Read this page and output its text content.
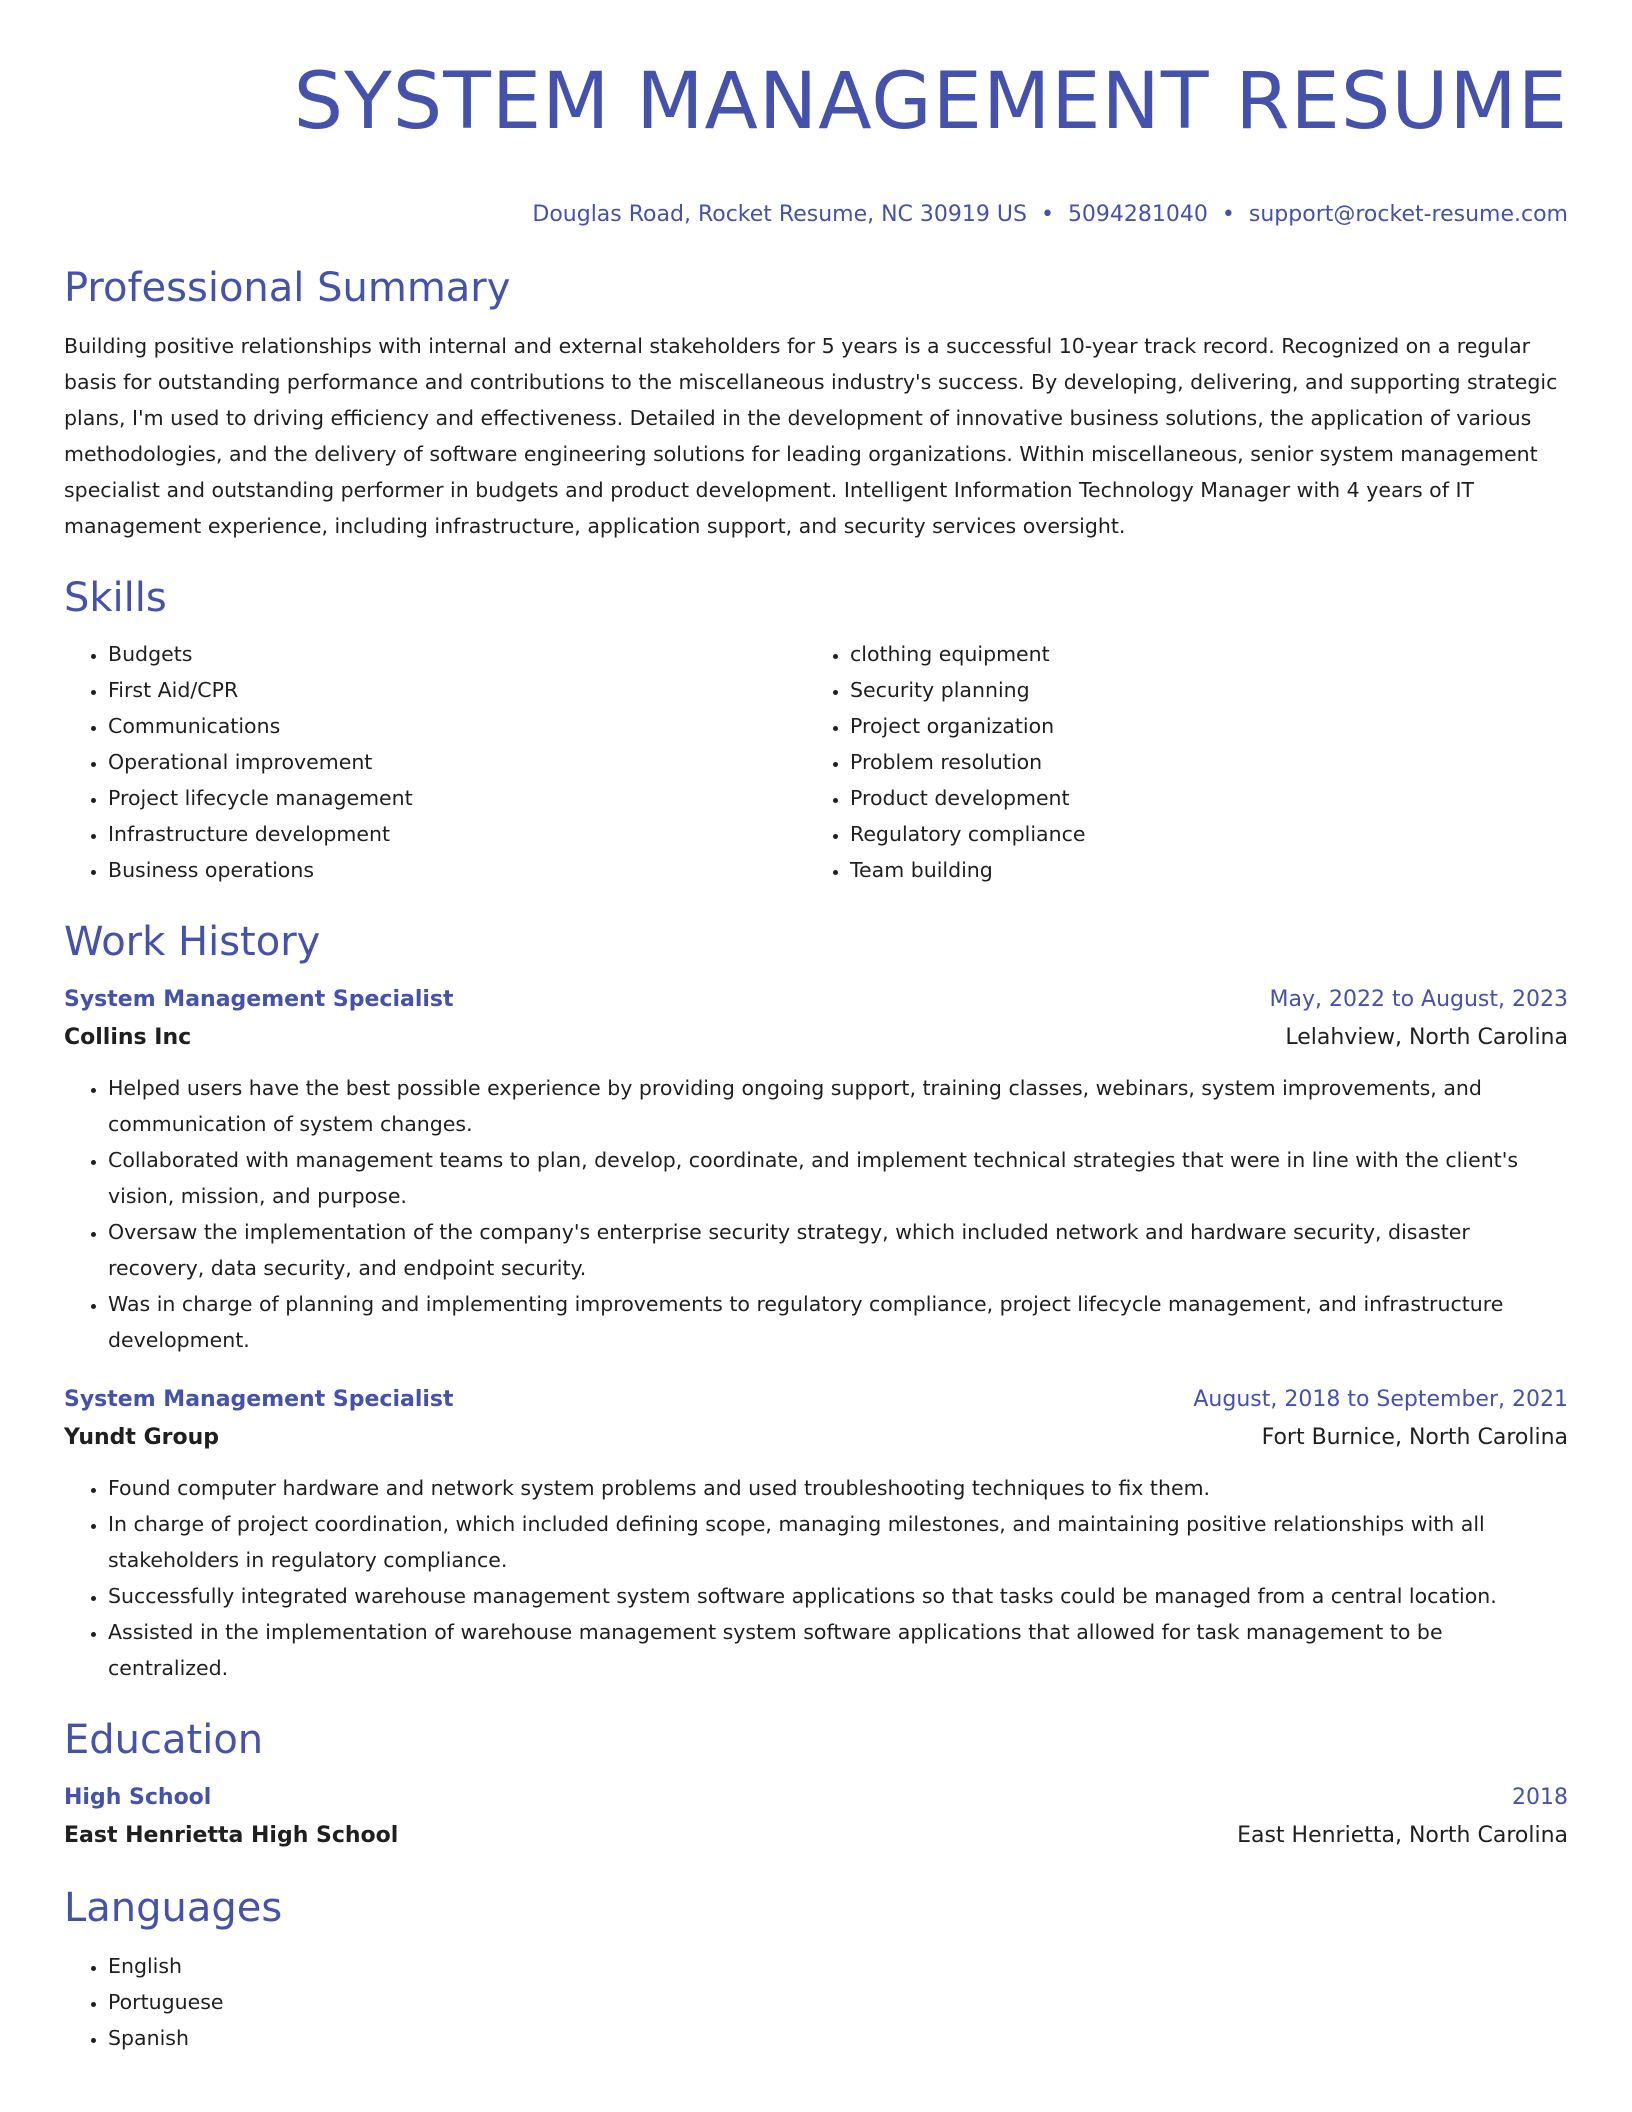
SYSTEM MANAGEMENT RESUME
Douglas Road, Rocket Resume, NC 30919 US • 5094281040 • support@rocket-resume.com
Professional Summary

Building positive relationships with internal and external stakeholders for 5 years is a successful 10-year track record. Recognized on a regular basis for outstanding performance and contributions to the miscellaneous industry's success. By developing, delivering, and supporting strategic plans, I'm used to driving efficiency and effectiveness. Detailed in the development of innovative business solutions, the application of various methodologies, and the delivery of software engineering solutions for leading organizations. Within miscellaneous, senior system management specialist and outstanding performer in budgets and product development. Intelligent Information Technology Manager with 4 years of IT management experience, including infrastructure, application support, and security services oversight.

Skills
• Budgets
• First Aid/CPR
• Communications
• Operational improvement
• Project lifecycle management
• Infrastructure development
• Business operations
• clothing equipment
• Security planning
• Project organization
• Problem resolution
• Product development
• Regulatory compliance
• Team building
Work History
System Management Specialist	May, 2022 to August, 2023
Collins Inc	Lelahview, North Carolina
• Helped users have the best possible experience by providing ongoing support, training classes, webinars, system improvements, and communication of system changes.
• Collaborated with management teams to plan, develop, coordinate, and implement technical strategies that were in line with the client's vision, mission, and purpose.
• Oversaw the implementation of the company's enterprise security strategy, which included network and hardware security, disaster recovery, data security, and endpoint security.
• Was in charge of planning and implementing improvements to regulatory compliance, project lifecycle management, and infrastructure development.
System Management Specialist	August, 2018 to September, 2021
Yundt Group	Fort Burnice, North Carolina
• Found computer hardware and network system problems and used troubleshooting techniques to fix them.
• In charge of project coordination, which included defining scope, managing milestones, and maintaining positive relationships with all stakeholders in regulatory compliance.
• Successfully integrated warehouse management system software applications so that tasks could be managed from a central location.
• Assisted in the implementation of warehouse management system software applications that allowed for task management to be centralized.
Education
High School	2018
East Henrietta High School	East Henrietta, North Carolina
Languages
• English
• Portuguese
• Spanish
